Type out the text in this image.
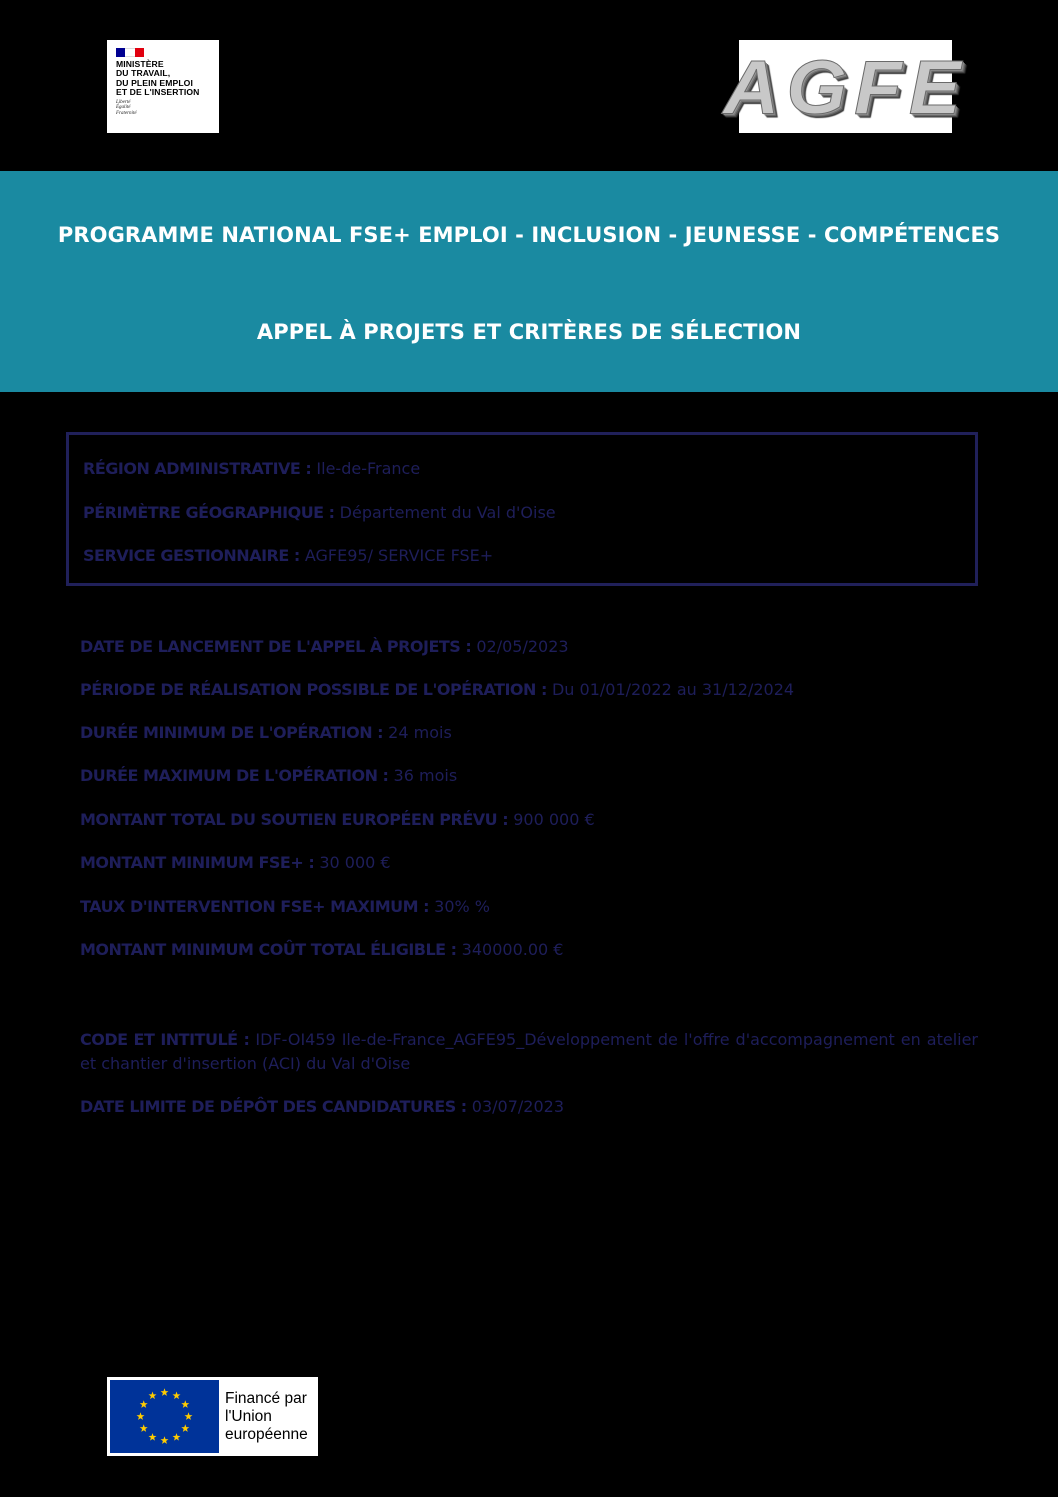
MINISTÈRE
DU TRAVAIL,
DU PLEIN EMPLOI
ET DE L'INSERTION
Liberté
Égalité
Fraternité	AGFE
PROGRAMME NATIONAL FSE+ EMPLOI - INCLUSION - JEUNESSE - COMPÉTENCES
APPEL À PROJETS ET CRITÈRES DE SÉLECTION
RÉGION ADMINISTRATIVE : Ile-de-France
PÉRIMÈTRE GÉOGRAPHIQUE : Département du Val d'Oise
SERVICE GESTIONNAIRE : AGFE95/ SERVICE FSE+
DATE DE LANCEMENT DE L'APPEL À PROJETS : 02/05/2023
PÉRIODE DE RÉALISATION POSSIBLE DE L'OPÉRATION : Du 01/01/2022 au 31/12/2024
DURÉE MINIMUM DE L'OPÉRATION : 24 mois
DURÉE MAXIMUM DE L'OPÉRATION : 36 mois
MONTANT TOTAL DU SOUTIEN EUROPÉEN PRÉVU : 900 000 €
MONTANT MINIMUM FSE+ : 30 000 €
TAUX D'INTERVENTION FSE+ MAXIMUM : 30% %
MONTANT MINIMUM COÛT TOTAL ÉLIGIBLE : 340000.00 €
CODE ET INTITULÉ : IDF-OI459 Ile-de-France_AGFE95_Développement de l'offre d'accompagnement en atelier et chantier d'insertion (ACI) du Val d'Oise
DATE LIMITE DE DÉPÔT DES CANDIDATURES : 03/07/2023
Financé par
l'Union
européenne
